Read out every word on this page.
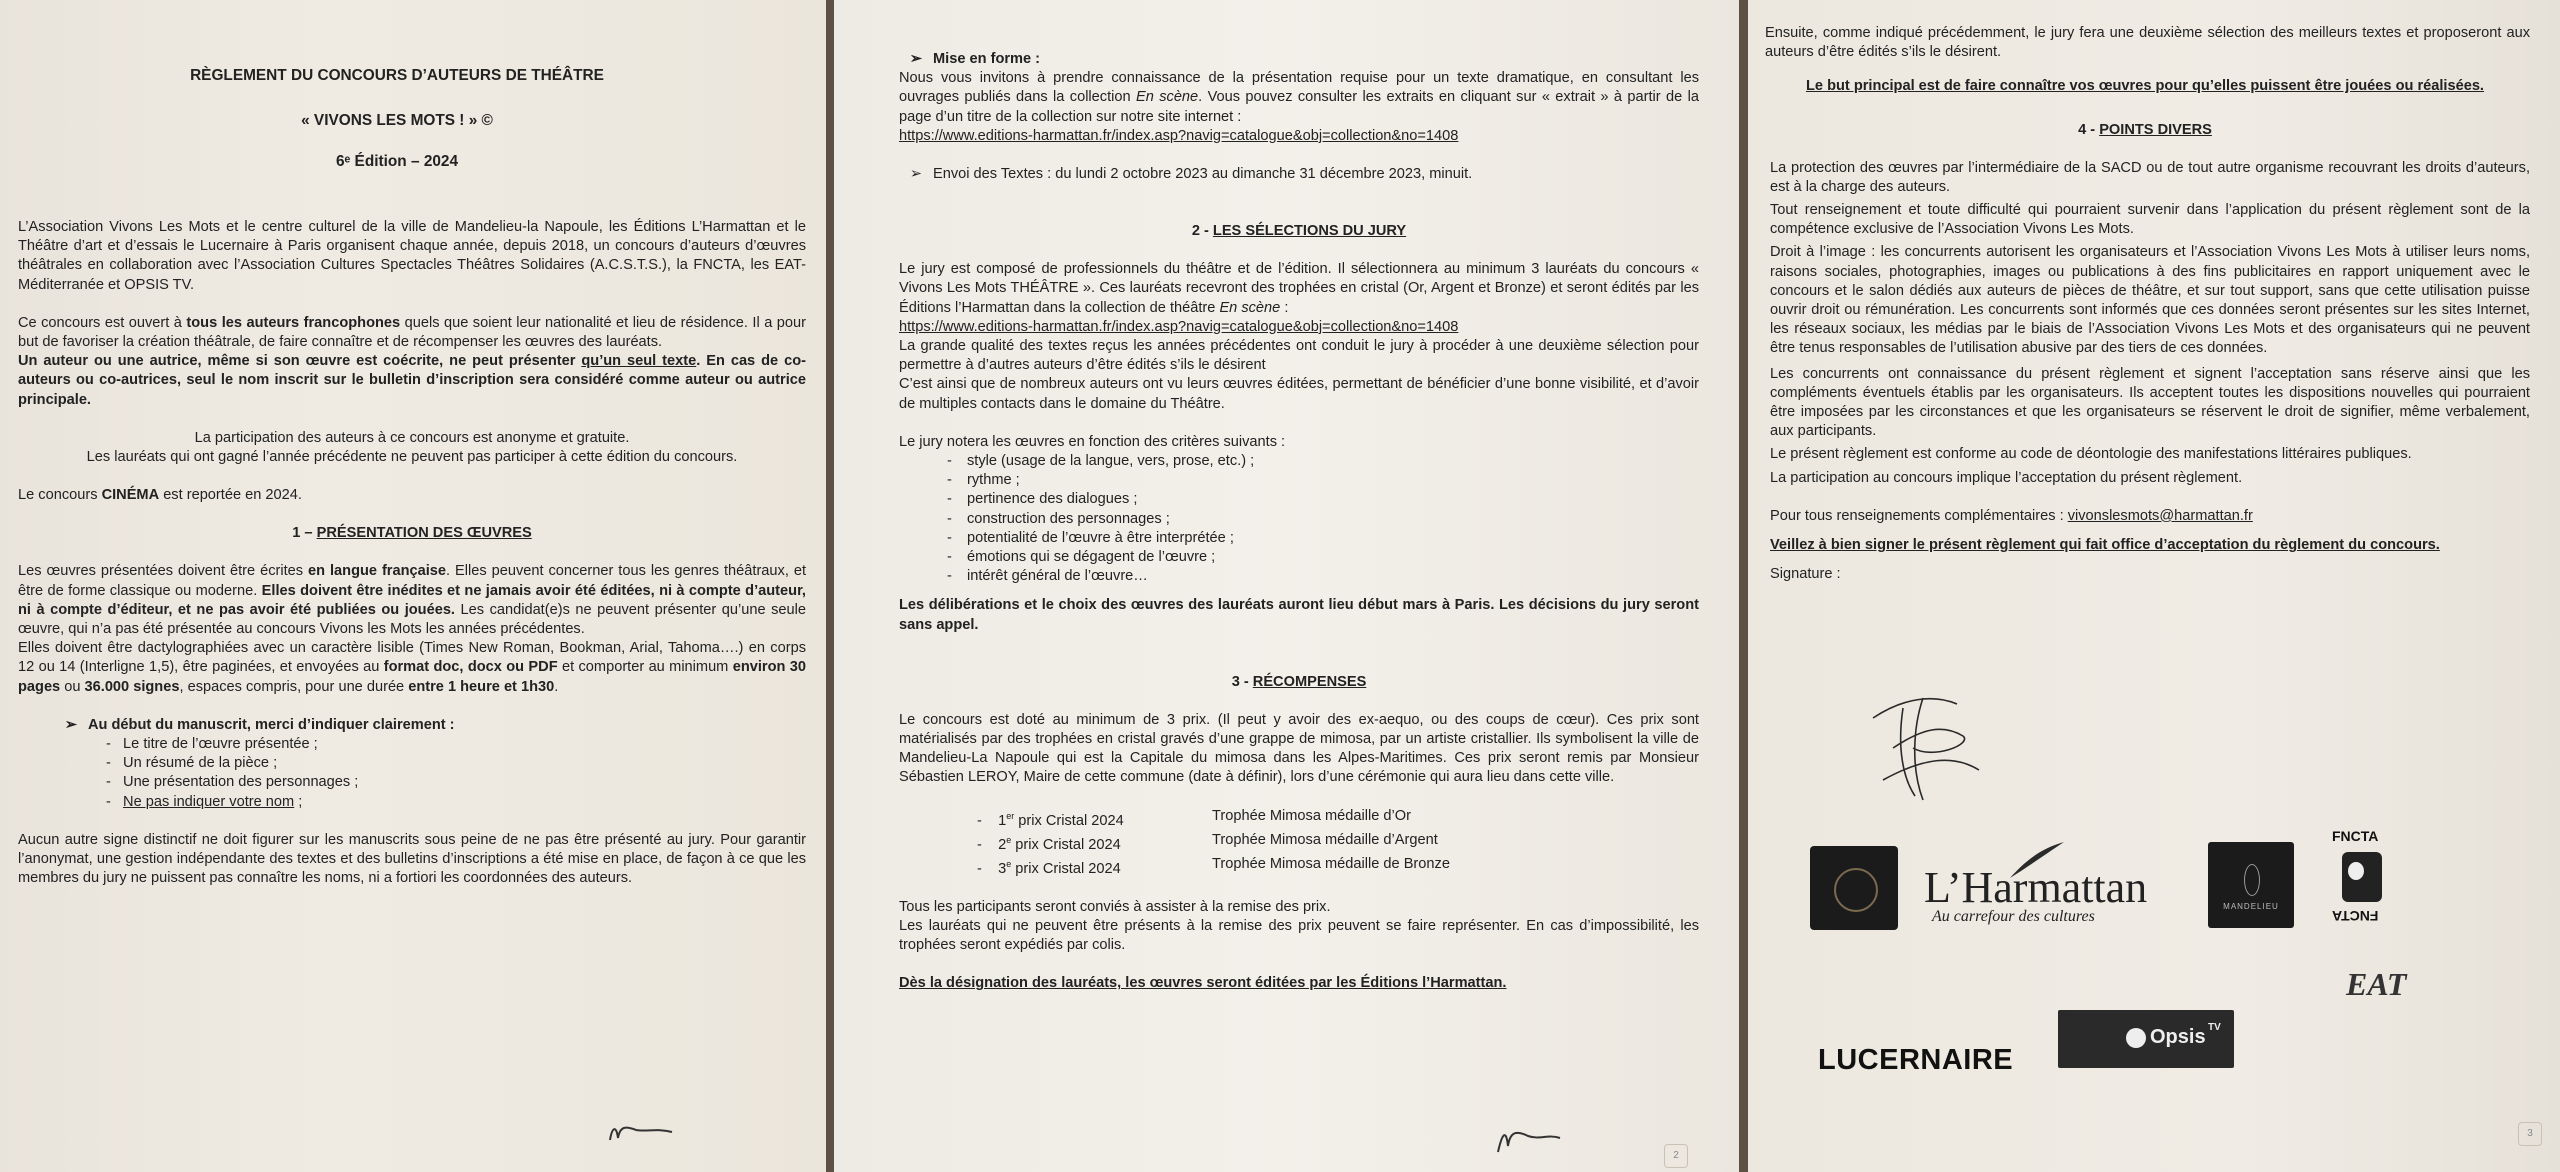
RÈGLEMENT DU CONCOURS D’AUTEURS DE THÉÂTRE

« VIVONS LES MOTS ! » ©

6ᵉ Édition – 2024

L’Association Vivons Les Mots et le centre culturel de la ville de Mandelieu-la Napoule, les Éditions L’Harmattan et le Théâtre d’art et d’essais le Lucernaire à Paris organisent chaque année, depuis 2018, un concours d’auteurs d’œuvres théâtrales en collaboration avec l’Association Cultures Spectacles Théâtres Solidaires (A.C.S.T.S.), la FNCTA, les EAT-Méditerranée et OPSIS TV.

Ce concours est ouvert à tous les auteurs francophones quels que soient leur nationalité et lieu de résidence. Il a pour but de favoriser la création théâtrale, de faire connaître et de récompenser les œuvres des lauréats.

Un auteur ou une autrice, même si son œuvre est coécrite, ne peut présenter qu’un seul texte. En cas de co-auteurs ou co-autrices, seul le nom inscrit sur le bulletin d’inscription sera considéré comme auteur ou autrice principale.

La participation des auteurs à ce concours est anonyme et gratuite.

Les lauréats qui ont gagné l’année précédente ne peuvent pas participer à cette édition du concours.

Le concours CINÉMA est reportée en 2024.

1 – PRÉSENTATION DES ŒUVRES

Les œuvres présentées doivent être écrites en langue française. Elles peuvent concerner tous les genres théâtraux, et être de forme classique ou moderne. Elles doivent être inédites et ne jamais avoir été éditées, ni à compte d’auteur, ni à compte d’éditeur, et ne pas avoir été publiées ou jouées. Les candidat(e)s ne peuvent présenter qu’une seule œuvre, qui n’a pas été présentée au concours Vivons les Mots les années précédentes.

Elles doivent être dactylographiées avec un caractère lisible (Times New Roman, Bookman, Arial, Tahoma….) en corps 12 ou 14 (Interligne 1,5), être paginées, et envoyées au format doc, docx ou PDF et comporter au minimum environ 30 pages ou 36.000 signes, espaces compris, pour une durée entre 1 heure et 1h30.

➢ Au début du manuscrit, merci d’indiquer clairement :

- Le titre de l’œuvre présentée ;
- Un résumé de la pièce ;
- Une présentation des personnages ;
- Ne pas indiquer votre nom ;

Aucun autre signe distinctif ne doit figurer sur les manuscrits sous peine de ne pas être présenté au jury. Pour garantir l’anonymat, une gestion indépendante des textes et des bulletins d’inscriptions a été mise en place, de façon à ce que les membres du jury ne puissent pas connaître les noms, ni a fortiori les coordonnées des auteurs.

➢ Mise en forme :

Nous vous invitons à prendre connaissance de la présentation requise pour un texte dramatique, en consultant les ouvrages publiés dans la collection En scène. Vous pouvez consulter les extraits en cliquant sur « extrait » à partir de la page d’un titre de la collection sur notre site internet :

https://www.editions-harmattan.fr/index.asp?navig=catalogue&obj=collection&no=1408

➢ Envoi des Textes : du lundi 2 octobre 2023 au dimanche 31 décembre 2023, minuit.

2 - LES SÉLECTIONS DU JURY

Le jury est composé de professionnels du théâtre et de l’édition. Il sélectionnera au minimum 3 lauréats du concours « Vivons Les Mots THÉÂTRE ». Ces lauréats recevront des trophées en cristal (Or, Argent et Bronze) et seront édités par les Éditions l’Harmattan dans la collection de théâtre En scène :

https://www.editions-harmattan.fr/index.asp?navig=catalogue&obj=collection&no=1408

La grande qualité des textes reçus les années précédentes ont conduit le jury à procéder à une deuxième sélection pour permettre à d’autres auteurs d’être édités s’ils le désirent

C’est ainsi que de nombreux auteurs ont vu leurs œuvres éditées, permettant de bénéficier d’une bonne visibilité, et d’avoir de multiples contacts dans le domaine du Théâtre.

Le jury notera les œuvres en fonction des critères suivants :

- style (usage de la langue, vers, prose, etc.) ;
- rythme ;
- pertinence des dialogues ;
- construction des personnages ;
- potentialité de l’œuvre à être interprétée ;
- émotions qui se dégagent de l’œuvre ;
- intérêt général de l’œuvre…

Les délibérations et le choix des œuvres des lauréats auront lieu début mars à Paris. Les décisions du jury seront sans appel.

3 - RÉCOMPENSES

Le concours est doté au minimum de 3 prix. (Il peut y avoir des ex-aequo, ou des coups de cœur). Ces prix sont matérialisés par des trophées en cristal gravés d’une grappe de mimosa, par un artiste cristallier. Ils symbolisent la ville de Mandelieu-La Napoule qui est la Capitale du mimosa dans les Alpes-Maritimes. Ces prix seront remis par Monsieur Sébastien LEROY, Maire de cette commune (date à définir), lors d’une cérémonie qui aura lieu dans cette ville.

-    1er prix Cristal 2024	Trophée Mimosa médaille d’Or
-    2e prix Cristal 2024	Trophée Mimosa médaille d’Argent
-    3e prix Cristal 2024	Trophée Mimosa médaille de Bronze

Tous les participants seront conviés à assister à la remise des prix.

Les lauréats qui ne peuvent être présents à la remise des prix peuvent se faire représenter. En cas d’impossibilité, les trophées seront expédiés par colis.

Dès la désignation des lauréats, les œuvres seront éditées par les Éditions l’Harmattan.

2

Ensuite, comme indiqué précédemment, le jury fera une deuxième sélection des meilleurs textes et proposeront aux auteurs d’être édités s’ils le désirent.

Le but principal est de faire connaître vos œuvres pour qu’elles puissent être jouées ou réalisées.

4 - POINTS DIVERS

La protection des œuvres par l’intermédiaire de la SACD ou de tout autre organisme recouvrant les droits d’auteurs, est à la charge des auteurs.

Tout renseignement et toute difficulté qui pourraient survenir dans l’application du présent règlement sont de la compétence exclusive de l’Association Vivons Les Mots.

Droit à l’image : les concurrents autorisent les organisateurs et l’Association Vivons Les Mots à utiliser leurs noms, raisons sociales, photographies, images ou publications à des fins publicitaires en rapport uniquement avec le concours et le salon dédiés aux auteurs de pièces de théâtre, et sur tout support, sans que cette utilisation puisse ouvrir droit ou rémunération. Les concurrents sont informés que ces données seront présentes sur les sites Internet, les réseaux sociaux, les médias par le biais de l’Association Vivons Les Mots et des organisateurs qui ne peuvent être tenus responsables de l’utilisation abusive par des tiers de ces données.

Les concurrents ont connaissance du présent règlement et signent l’acceptation sans réserve ainsi que les compléments éventuels établis par les organisateurs. Ils acceptent toutes les dispositions nouvelles qui pourraient être imposées par les circonstances et que les organisateurs se réservent le droit de signifier, même verbalement, aux participants.

Le présent règlement est conforme au code de déontologie des manifestations littéraires publiques.

La participation au concours implique l’acceptation du présent règlement.

Pour tous renseignements complémentaires : vivonslesmots@harmattan.fr

Veillez à bien signer le présent règlement qui fait office d’acceptation du règlement du concours.

Signature :

L’Harmattan
Au carrefour des cultures
MANDELIEU
FNCTA
FNCTA
EAT
LUCERNAIRE
Opsis TV
3
